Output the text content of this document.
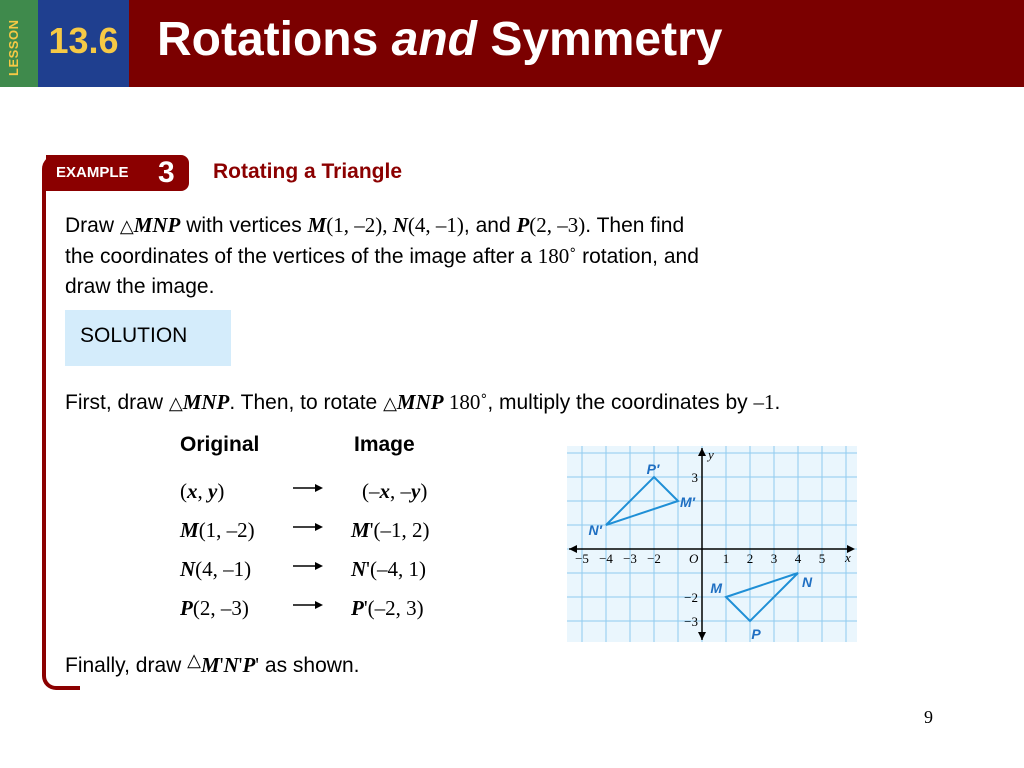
LESSON 13.6 Rotations and Symmetry
EXAMPLE 3 Rotating a Triangle
Draw △MNP with vertices M(1, –2), N(4, –1), and P(2, –3). Then find
the coordinates of the vertices of the image after a 180˚ rotation, and
draw the image.
SOLUTION
First, draw △MNP. Then, to rotate △MNP 180˚, multiply the coordinates by –1.
Original	Image
(x, y)	(–x, –y)
M(1, –2)	M'(–1, 2)
N(4, –1)	N'(–4, 1)
P(2, –3)	P'(–2, 3)
Finally, draw △M'N'P' as shown.
x
y
O
−5 −4 −3 −2	1 2 3 4 5
3
−2
−3
P′
M′
N′
M	N
P
9
